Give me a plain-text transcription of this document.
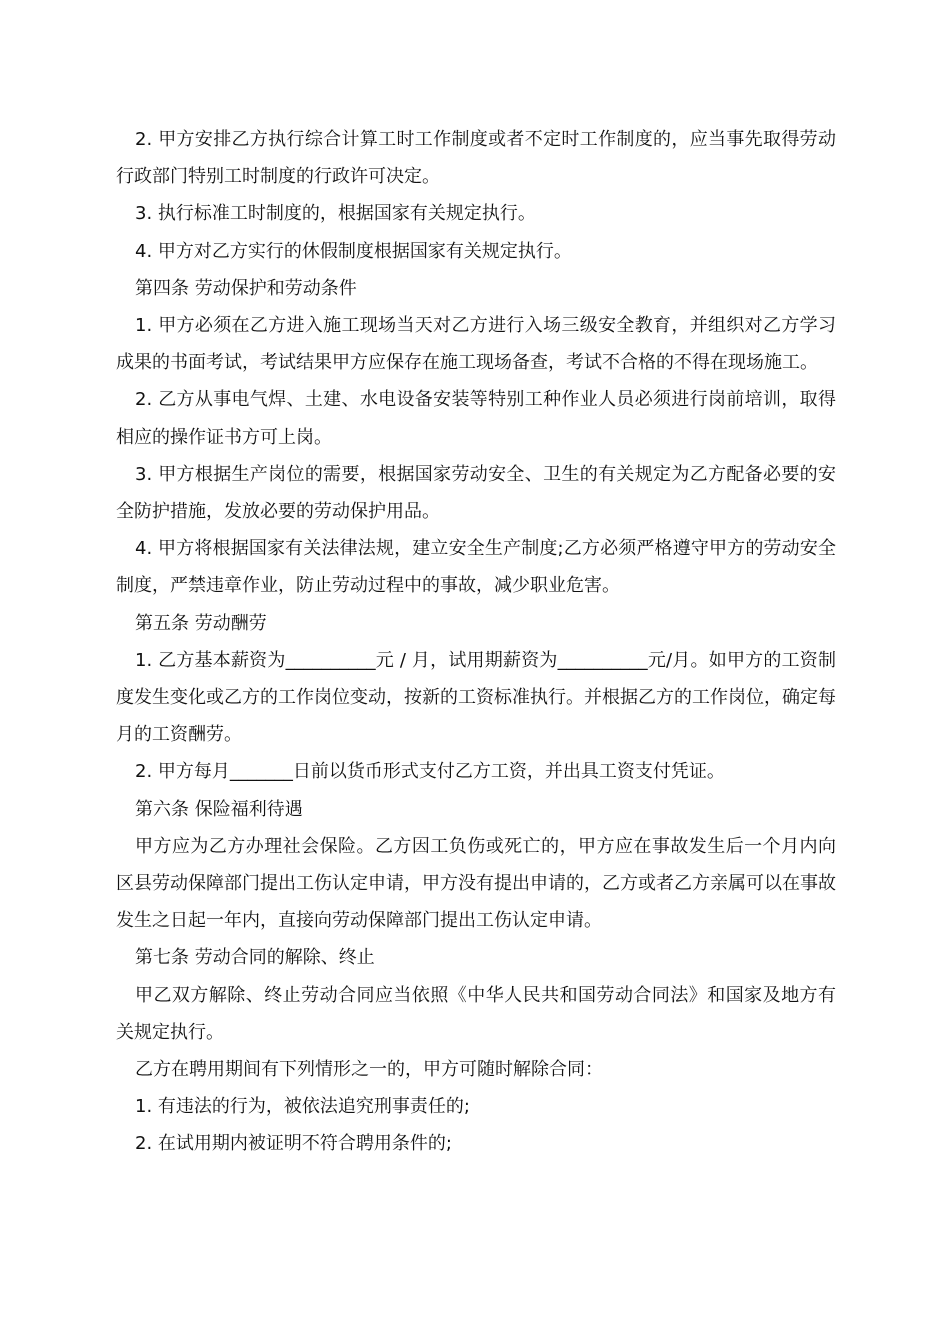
2. 甲方安排乙方执行综合计算工时工作制度或者不定时工作制度的，应当事先取得劳动行政部门特别工时制度的行政许可决定。

3. 执行标准工时制度的，根据国家有关规定执行。

4. 甲方对乙方实行的休假制度根据国家有关规定执行。

第四条 劳动保护和劳动条件

1. 甲方必须在乙方进入施工现场当天对乙方进行入场三级安全教育，并组织对乙方学习成果的书面考试，考试结果甲方应保存在施工现场备查，考试不合格的不得在现场施工。

2. 乙方从事电气焊、土建、水电设备安装等特别工种作业人员必须进行岗前培训，取得相应的操作证书方可上岗。

3. 甲方根据生产岗位的需要，根据国家劳动安全、卫生的有关规定为乙方配备必要的安全防护措施，发放必要的劳动保护用品。

4. 甲方将根据国家有关法律法规，建立安全生产制度;乙方必须严格遵守甲方的劳动安全制度，严禁违章作业，防止劳动过程中的事故，减少职业危害。

第五条 劳动酬劳

1. 乙方基本薪资为__________元 / 月，试用期薪资为__________元/月。如甲方的工资制度发生变化或乙方的工作岗位变动，按新的工资标准执行。并根据乙方的工作岗位，确定每月的工资酬劳。

2. 甲方每月_______日前以货币形式支付乙方工资，并出具工资支付凭证。

第六条 保险福利待遇

甲方应为乙方办理社会保险。乙方因工负伤或死亡的，甲方应在事故发生后一个月内向区县劳动保障部门提出工伤认定申请，甲方没有提出申请的，乙方或者乙方亲属可以在事故发生之日起一年内，直接向劳动保障部门提出工伤认定申请。

第七条 劳动合同的解除、终止

甲乙双方解除、终止劳动合同应当依照《中华人民共和国劳动合同法》和国家及地方有关规定执行。

乙方在聘用期间有下列情形之一的，甲方可随时解除合同：

1. 有违法的行为，被依法追究刑事责任的;

2. 在试用期内被证明不符合聘用条件的;
